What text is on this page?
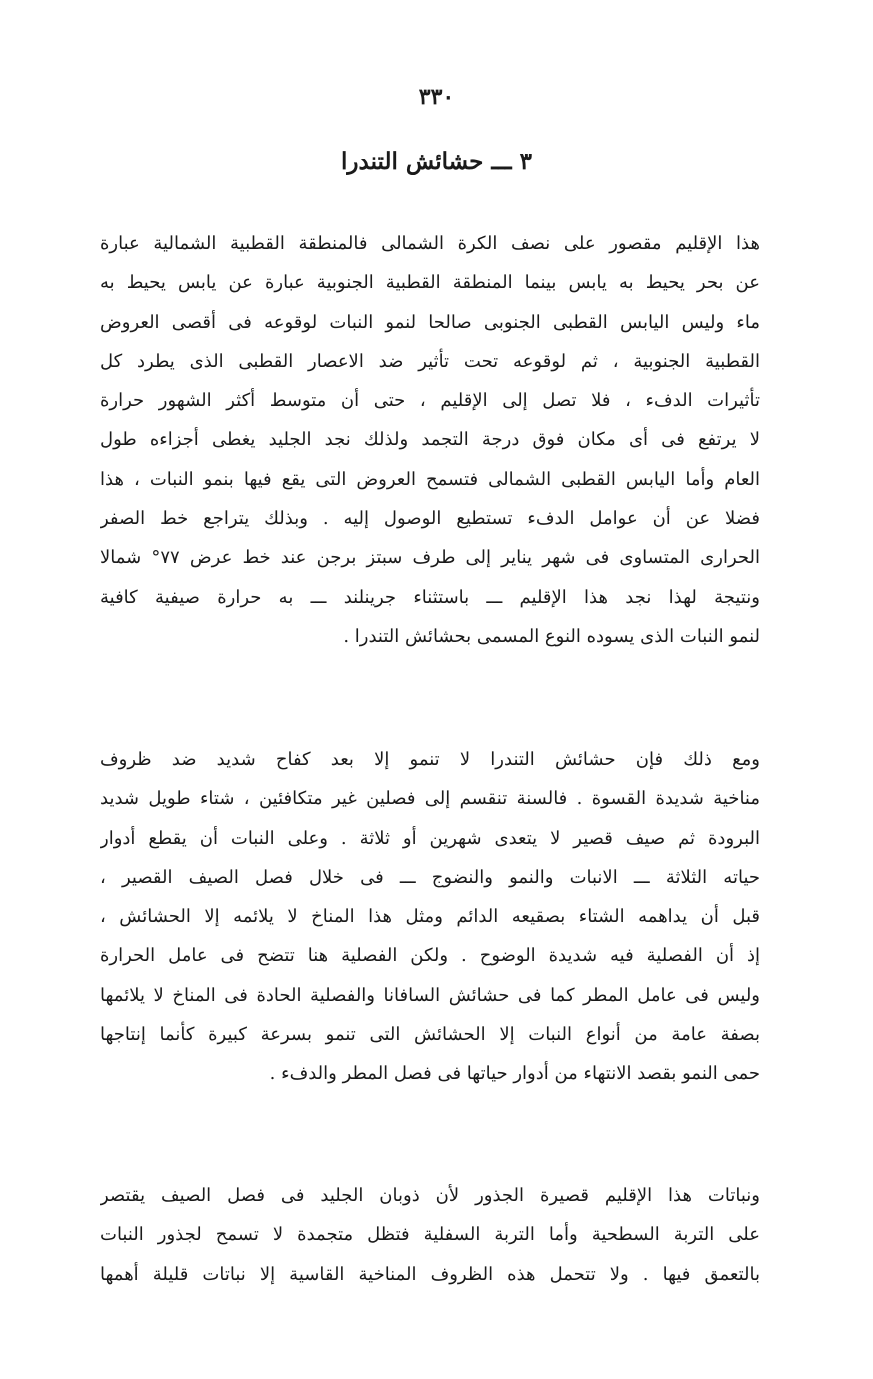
٣٣٠
٣ ـــ حشائش التندرا
هذا الإقليم مقصور على نصف الكرة الشمالى فالمنطقة القطبية الشمالية عبارة
عن بحر يحيط به يابس بينما المنطقة القطبية الجنوبية عبارة عن يابس يحيط به
ماء وليس اليابس القطبى الجنوبى صالحا لنمو النبات لوقوعه فى أقصى العروض
القطبية الجنوبية ، ثم لوقوعه تحت تأثير ضد الاعصار القطبى الذى يطرد كل
تأثيرات الدفء ، فلا تصل إلى الإقليم ، حتى أن متوسط أكثر الشهور حرارة
لا يرتفع فى أى مكان فوق درجة التجمد ولذلك نجد الجليد يغطى أجزاءه طول
العام وأما اليابس القطبى الشمالى فتسمح العروض التى يقع فيها بنمو النبات ، هذا
فضلا عن أن عوامل الدفء تستطيع الوصول إليه . وبذلك يتراجع خط الصفر
الحرارى المتساوى فى شهر يناير إلى طرف سبتز برجن عند خط عرض ٧٧° شمالا
ونتيجة لهذا نجد هذا الإقليم ـــ باستثناء جرينلند ـــ به حرارة صيفية كافية
لنمو النبات الذى يسوده النوع المسمى بحشائش التندرا .
ومع ذلك فإن حشائش التندرا لا تنمو إلا بعد كفاح شديد ضد ظروف
مناخية شديدة القسوة . فالسنة تنقسم إلى فصلين غير متكافئين ، شتاء طويل شديد
البرودة ثم صيف قصير لا يتعدى شهرين أو ثلاثة . وعلى النبات أن يقطع أدوار
حياته الثلاثة ـــ الانبات والنمو والنضوج ـــ فى خلال فصل الصيف القصير ،
قبل أن يداهمه الشتاء بصقيعه الدائم ومثل هذا المناخ لا يلائمه إلا الحشائش ،
إذ أن الفصلية فيه شديدة الوضوح . ولكن الفصلية هنا تتضح فى عامل الحرارة
وليس فى عامل المطر كما فى حشائش السافانا والفصلية الحادة فى المناخ لا يلائمها
بصفة عامة من أنواع النبات إلا الحشائش التى تنمو بسرعة كبيرة كأنما إنتاجها
حمى النمو بقصد الانتهاء من أدوار حياتها فى فصل المطر والدفء .
ونباتات هذا الإقليم قصيرة الجذور لأن ذوبان الجليد فى فصل الصيف يقتصر
على التربة السطحية وأما التربة السفلية فتظل متجمدة لا تسمح لجذور النبات
بالتعمق فيها . ولا تتحمل هذه الظروف المناخية القاسية إلا نباتات قليلة أهمها
